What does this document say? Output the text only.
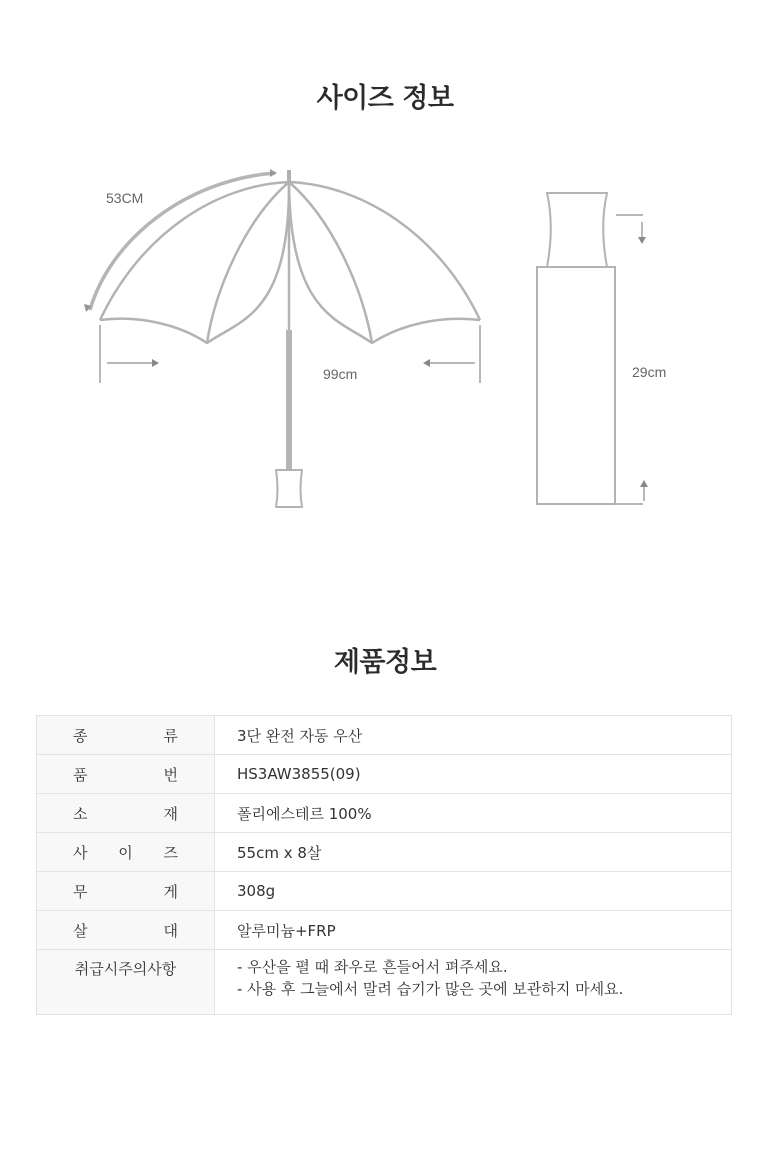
사이즈 정보
53CM
99cm	29cm
제품정보
종 류	3단 완전 자동 우산

품 번	HS3AW3855(09)

소 재	폴리에스테르 100%

사 이 즈	55cm x 8살

무 게	308g

살 대	알루미늄+FRP
취급시주의사항	- 우산을 펼 때 좌우로 흔들어서 펴주세요.
- 사용 후 그늘에서 말려 습기가 많은 곳에 보관하지 마세요.
